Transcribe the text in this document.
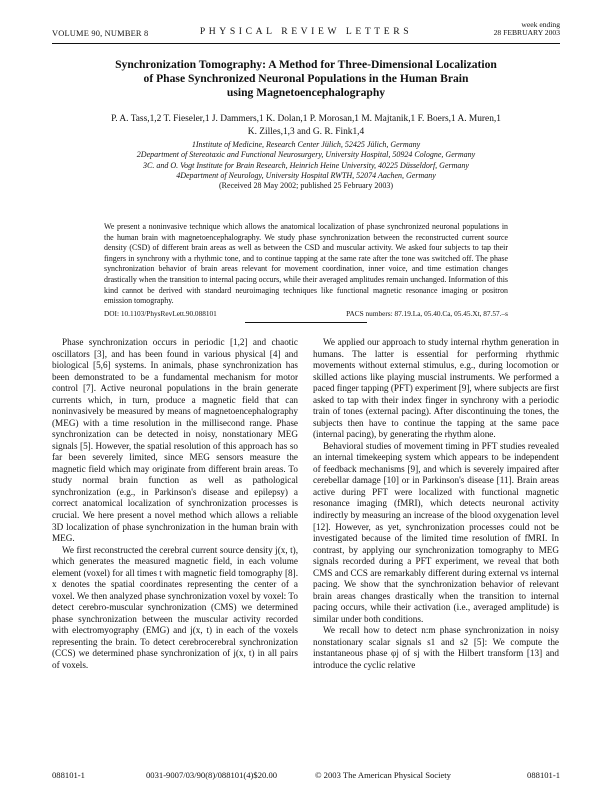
VOLUME 90, NUMBER 8	PHYSICAL REVIEW LETTERS
week ending
28 FEBRUARY 2003
Synchronization Tomography: A Method for Three-Dimensional Localization
of Phase Synchronized Neuronal Populations in the Human Brain
using Magnetoencephalography
P. A. Tass,1,2 T. Fieseler,1 J. Dammers,1 K. Dolan,1 P. Morosan,1 M. Majtanik,1 F. Boers,1 A. Muren,1
K. Zilles,1,3 and G. R. Fink1,4
1Institute of Medicine, Research Center Jülich, 52425 Jülich, Germany
2Department of Stereotaxic and Functional Neurosurgery, University Hospital, 50924 Cologne, Germany
3C. and O. Vogt Institute for Brain Research, Heinrich Heine University, 40225 Düsseldorf, Germany
4Department of Neurology, University Hospital RWTH, 52074 Aachen, Germany
(Received 28 May 2002; published 25 February 2003)
We present a noninvasive technique which allows the anatomical localization of phase synchronized neuronal populations in the human brain with magnetoencephalography. We study phase synchronization between the reconstructed current source density (CSD) of different brain areas as well as between the CSD and muscular activity. We asked four subjects to tap their fingers in synchrony with a rhythmic tone, and to continue tapping at the same rate after the tone was switched off. The phase synchronization behavior of brain areas relevant for movement coordination, inner voice, and time estimation changes drastically when the transition to internal pacing occurs, while their averaged amplitudes remain unchanged. Information of this kind cannot be derived with standard neuroimaging techniques like functional magnetic resonance imaging or positron emission tomography.
DOI: 10.1103/PhysRevLett.90.088101	PACS numbers: 87.19.La, 05.40.Ca, 05.45.Xt, 87.57.–s

Phase synchronization occurs in periodic [1,2] and chaotic oscillators [3], and has been found in various physical [4] and biological [5,6] systems. In animals, phase synchronization has been demonstrated to be a fundamental mechanism for motor control [7]. Active neuronal populations in the brain generate currents which, in turn, produce a magnetic field that can noninvasively be measured by means of magnetoencephalography (MEG) with a time resolution in the millisecond range. Phase synchronization can be detected in noisy, nonstationary MEG signals [5]. However, the spatial resolution of this approach has so far been severely limited, since MEG sensors measure the magnetic field which may originate from different brain areas. To study normal brain function as well as pathological synchronization (e.g., in Parkinson's disease and epilepsy) a correct anatomical localization of synchronization processes is crucial. We here present a novel method which allows a reliable 3D localization of phase synchronization in the human brain with MEG.

We first reconstructed the cerebral current source density j(x, t), which generates the measured magnetic field, in each volume element (voxel) for all times t with magnetic field tomography [8]. x denotes the spatial coordinates representing the center of a voxel. We then analyzed phase synchronization voxel by voxel: To detect cerebro-muscular synchronization (CMS) we determined phase synchronization between the muscular activity recorded with electromyography (EMG) and j(x, t) in each of the voxels representing the brain. To detect cerebrocerebral synchronization (CCS) we determined phase synchronization of j(x, t) in all pairs of voxels.

We applied our approach to study internal rhythm generation in humans. The latter is essential for performing rhythmic movements without external stimulus, e.g., during locomotion or skilled actions like playing muscial instruments. We performed a paced finger tapping (PFT) experiment [9], where subjects are first asked to tap with their index finger in synchrony with a periodic train of tones (external pacing). After discontinuing the tones, the subjects then have to continue the tapping at the same pace (internal pacing), by generating the rhythm alone.

Behavioral studies of movement timing in PFT studies revealed an internal timekeeping system which appears to be independent of feedback mechanisms [9], and which is severely impaired after cerebellar damage [10] or in Parkinson's disease [11]. Brain areas active during PFT were localized with functional magnetic resonance imaging (fMRI), which detects neuronal activity indirectly by measuring an increase of the blood oxygenation level [12]. However, as yet, synchronization processes could not be investigated because of the limited time resolution of fMRI. In contrast, by applying our synchronization tomography to MEG signals recorded during a PFT experiment, we reveal that both CMS and CCS are remarkably different during external vs internal pacing. We show that the synchronization behavior of relevant brain areas changes drastically when the transition to internal pacing occurs, while their activation (i.e., averaged amplitude) is similar under both conditions.

We recall how to detect n:m phase synchronization in noisy nonstationary scalar signals s1 and s2 [5]: We compute the instantaneous phase φj of sj with the Hilbert transform [13] and introduce the cyclic relative

088101-1	0031-9007/03/90(8)/088101(4)$20.00	© 2003 The American Physical Society	088101-1
